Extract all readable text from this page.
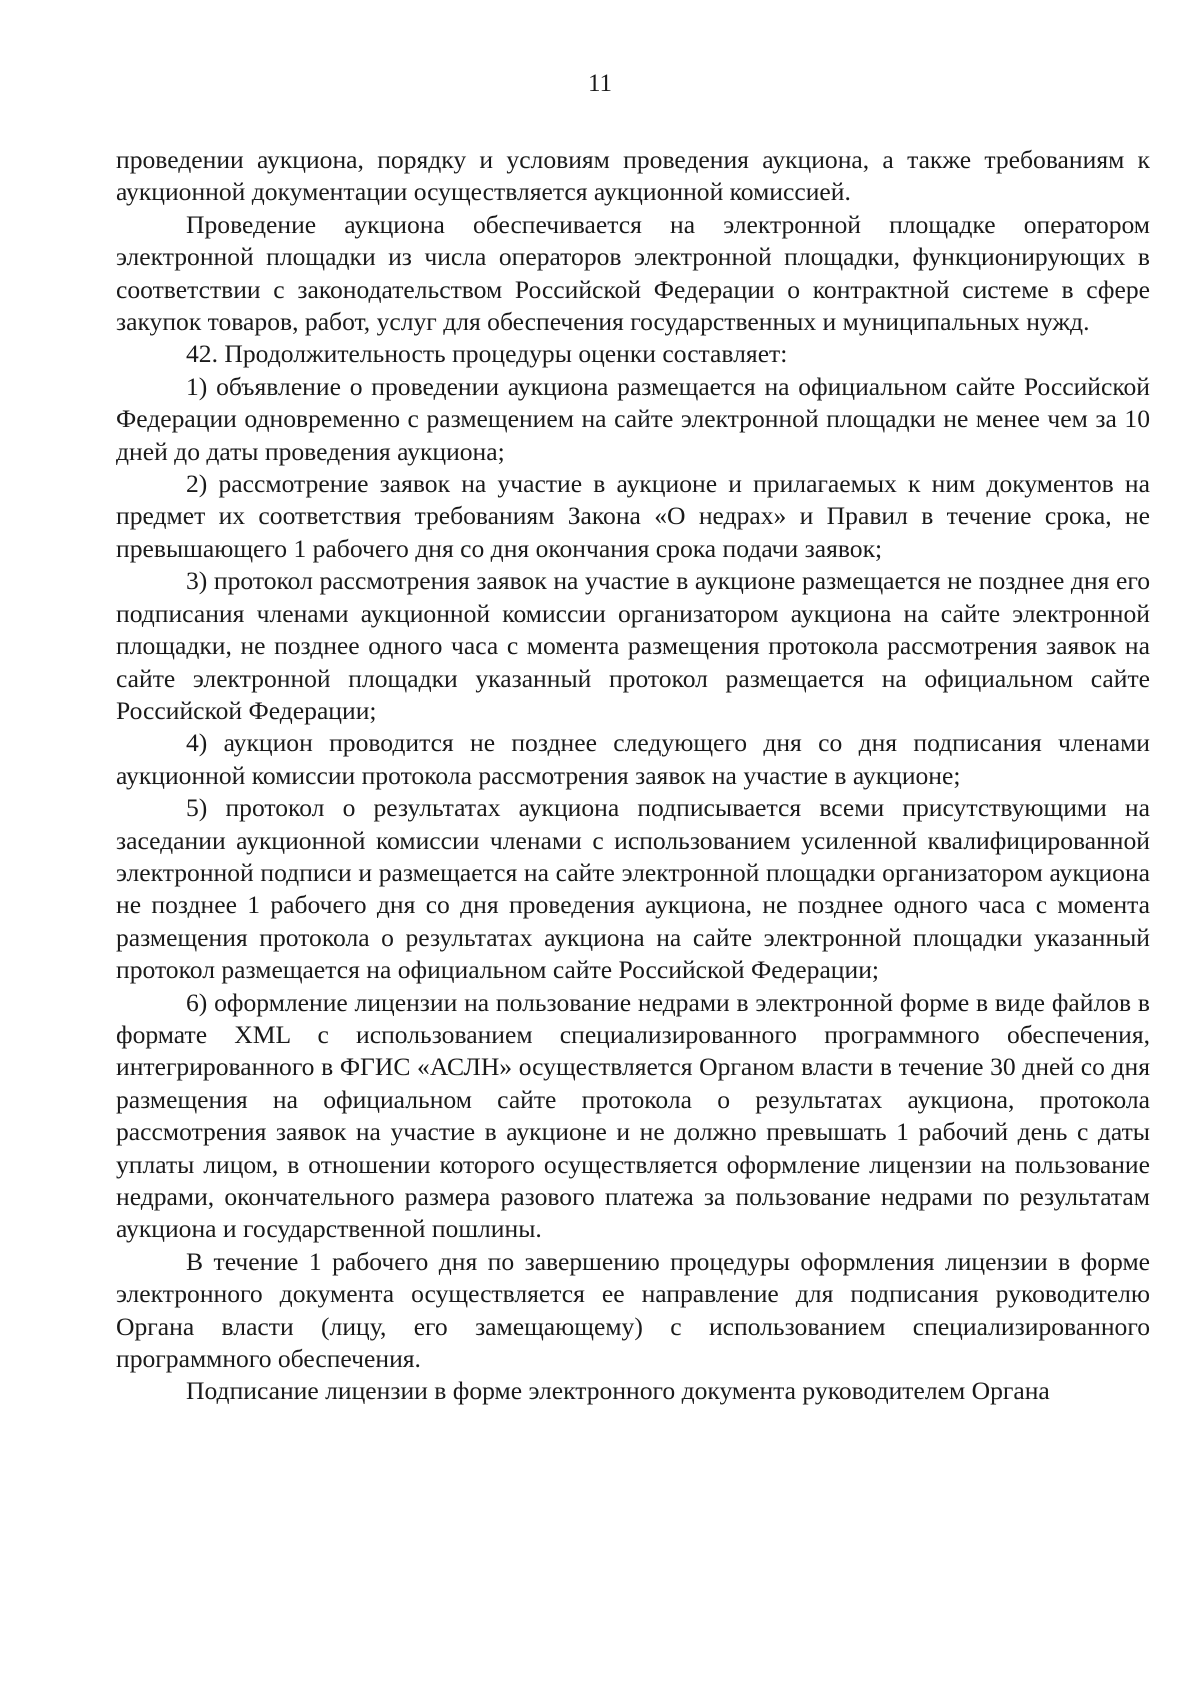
11

проведении аукциона, порядку и условиям проведения аукциона, а также требованиям к аукционной документации осуществляется аукционной комиссией.

Проведение аукциона обеспечивается на электронной площадке оператором электронной площадки из числа операторов электронной площадки, функционирующих в соответствии с законодательством Российской Федерации о контрактной системе в сфере закупок товаров, работ, услуг для обеспечения государственных и муниципальных нужд.

42. Продолжительность процедуры оценки составляет:

1) объявление о проведении аукциона размещается на официальном сайте Российской Федерации одновременно с размещением на сайте электронной площадки не менее чем за 10 дней до даты проведения аукциона;

2) рассмотрение заявок на участие в аукционе и прилагаемых к ним документов на предмет их соответствия требованиям Закона «О недрах» и Правил в течение срока, не превышающего 1 рабочего дня со дня окончания срока подачи заявок;

3) протокол рассмотрения заявок на участие в аукционе размещается не позднее дня его подписания членами аукционной комиссии организатором аукциона на сайте электронной площадки, не позднее одного часа с момента размещения протокола рассмотрения заявок на сайте электронной площадки указанный протокол размещается на официальном сайте Российской Федерации;

4) аукцион проводится не позднее следующего дня со дня подписания членами аукционной комиссии протокола рассмотрения заявок на участие в аукционе;

5) протокол о результатах аукциона подписывается всеми присутствующими на заседании аукционной комиссии членами с использованием усиленной квалифицированной электронной подписи и размещается на сайте электронной площадки организатором аукциона не позднее 1 рабочего дня со дня проведения аукциона, не позднее одного часа с момента размещения протокола о результатах аукциона на сайте электронной площадки указанный протокол размещается на официальном сайте Российской Федерации;

6) оформление лицензии на пользование недрами в электронной форме в виде файлов в формате XML с использованием специализированного программного обеспечения, интегрированного в ФГИС «АСЛН» осуществляется Органом власти в течение 30 дней со дня размещения на официальном сайте протокола о результатах аукциона, протокола рассмотрения заявок на участие в аукционе и не должно превышать 1 рабочий день с даты уплаты лицом, в отношении которого осуществляется оформление лицензии на пользование недрами, окончательного размера разового платежа за пользование недрами по результатам аукциона и государственной пошлины.

В течение 1 рабочего дня по завершению процедуры оформления лицензии в форме электронного документа осуществляется ее направление для подписания руководителю Органа власти (лицу, его замещающему) с использованием специализированного программного обеспечения.

Подписание лицензии в форме электронного документа руководителем Органа
